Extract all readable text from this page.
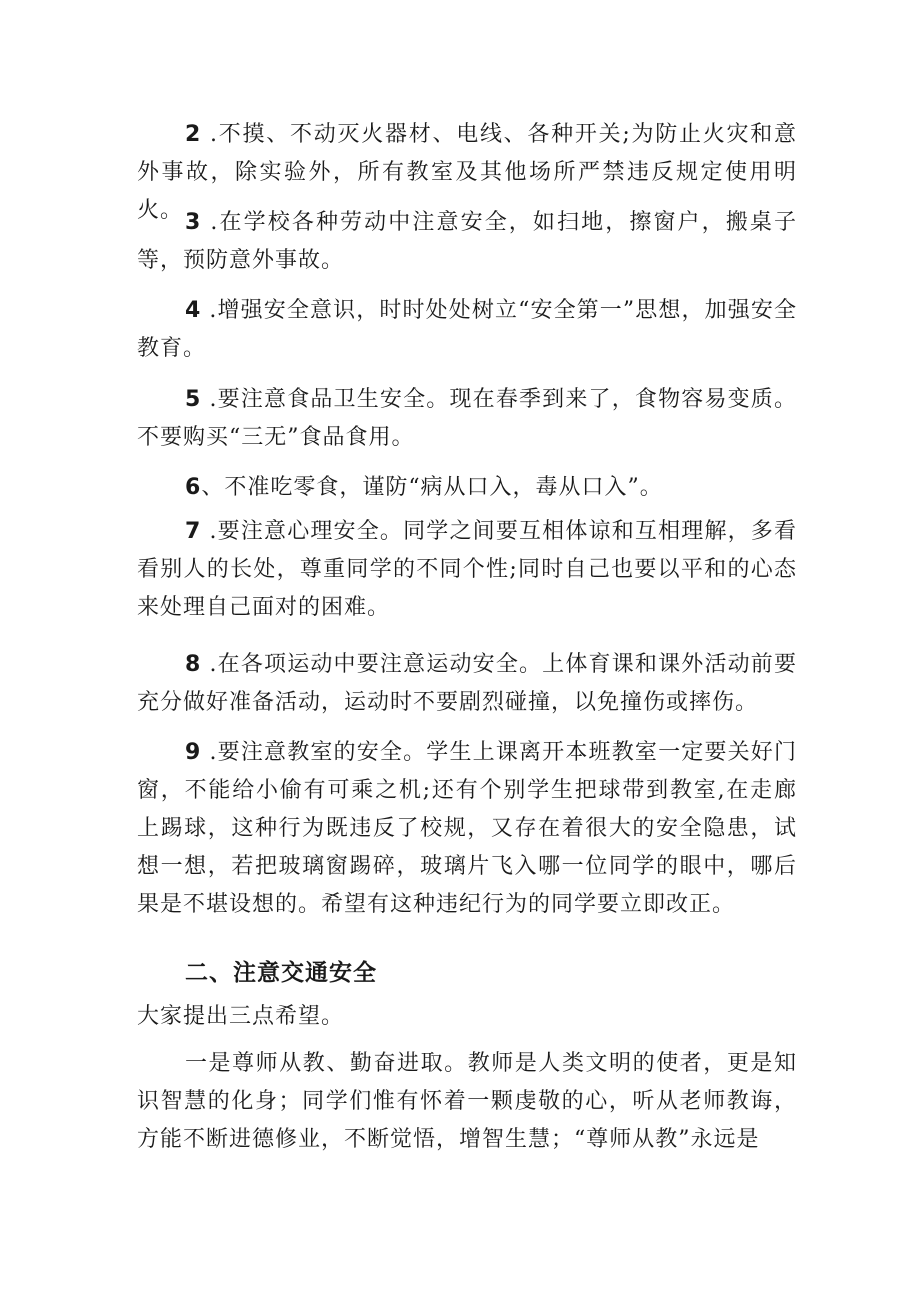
2 .不摸、不动灭火器材、电线、各种开关;为防止火灾和意外事故，除实验外，所有教室及其他场所严禁违反规定使用明火。 3 .在学校各种劳动中注意安全，如扫地，擦窗户，搬桌子等，预防意外事故。

4 .增强安全意识，时时处处树立“安全第一”思想，加强安全教育。

5 .要注意食品卫生安全。现在春季到来了，食物容易变质。不要购买“三无”食品食用。

6、不准吃零食，谨防“病从口入，毒从口入”。

7 .要注意心理安全。同学之间要互相体谅和互相理解，多看看别人的长处，尊重同学的不同个性;同时自己也要以平和的心态来处理自己面对的困难。

8 .在各项运动中要注意运动安全。上体育课和课外活动前要充分做好准备活动，运动时不要剧烈碰撞，以免撞伤或摔伤。

9 .要注意教室的安全。学生上课离开本班教室一定要关好门窗，不能给小偷有可乘之机;还有个别学生把球带到教室,在走廊上踢球，这种行为既违反了校规，又存在着很大的安全隐患，试想一想，若把玻璃窗踢碎，玻璃片飞入哪一位同学的眼中，哪后果是不堪设想的。希望有这种违纪行为的同学要立即改正。

二、注意交通安全

大家提出三点希望。

一是尊师从教、勤奋进取。教师是人类文明的使者，更是知识智慧的化身；同学们惟有怀着一颗虔敬的心，听从老师教诲，方能不断进德修业，不断觉悟，增智生慧；“尊师从教”永远是
